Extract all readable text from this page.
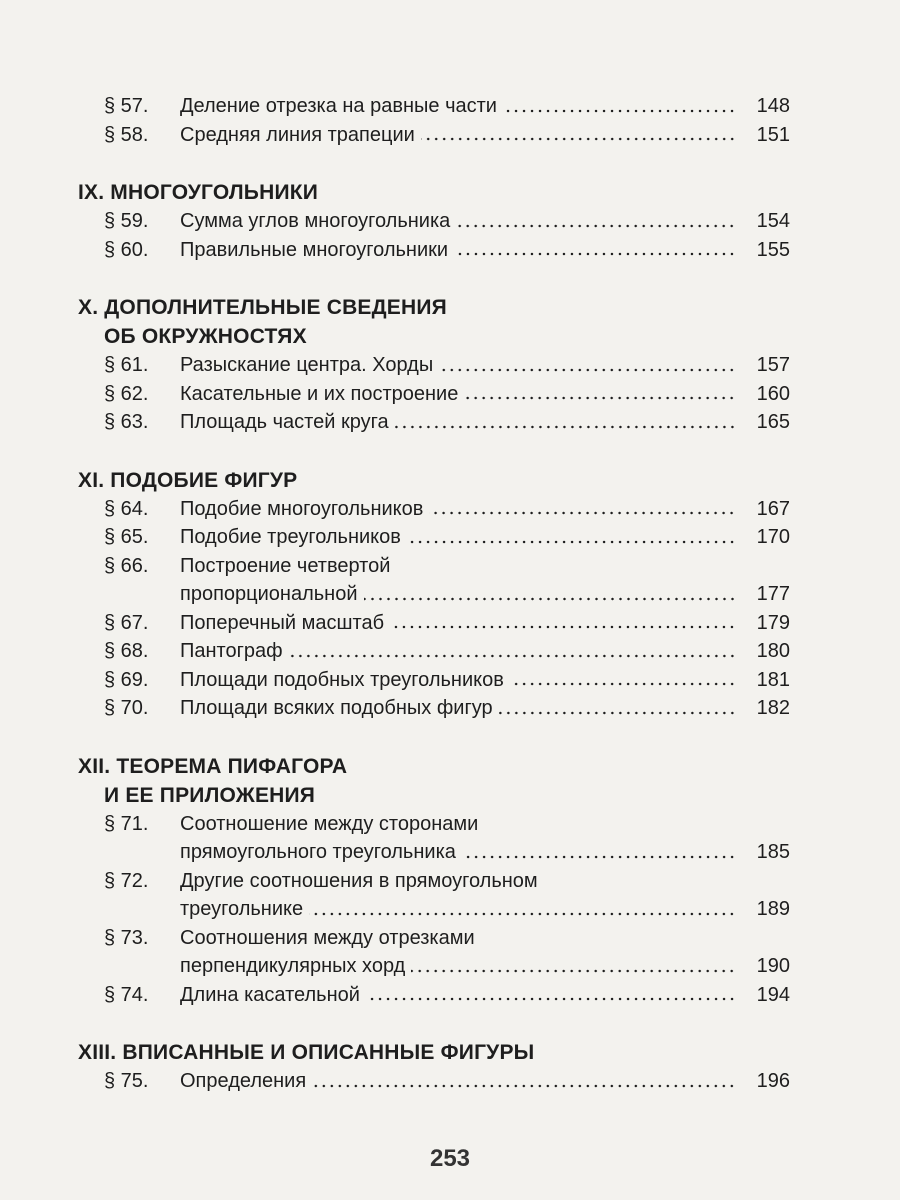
§ 57.	Деление отрезка на равные части	148
§ 58.	Средняя линия трапеции	151
IX. МНОГОУГОЛЬНИКИ
§ 59.	Сумма углов многоугольника	154
§ 60.	Правильные многоугольники	155
X. ДОПОЛНИТЕЛЬНЫЕ СВЕДЕНИЯ
ОБ ОКРУЖНОСТЯХ
§ 61.	Разыскание центра. Хорды	157
§ 62.	Касательные и их построение	160
§ 63.	Площадь частей круга	165
XI. ПОДОБИЕ ФИГУР
§ 64.	Подобие многоугольников	167
§ 65.	Подобие треугольников	170
§ 66.	Построение четвертой
пропорциональной	177
§ 67.	Поперечный масштаб	179
§ 68.	Пантограф	180
§ 69.	Площади подобных треугольников	181
§ 70.	Площади всяких подобных фигур	182
XII. ТЕОРЕМА ПИФАГОРА
И ЕЕ ПРИЛОЖЕНИЯ
§ 71.	Соотношение между сторонами
прямоугольного треугольника	185
§ 72.	Другие соотношения в прямоугольном
треугольнике	189
§ 73.	Соотношения между отрезками
перпендикулярных хорд	190
§ 74.	Длина касательной	194
XIII. ВПИСАННЫЕ И ОПИСАННЫЕ ФИГУРЫ
§ 75.	Определения	196
253
